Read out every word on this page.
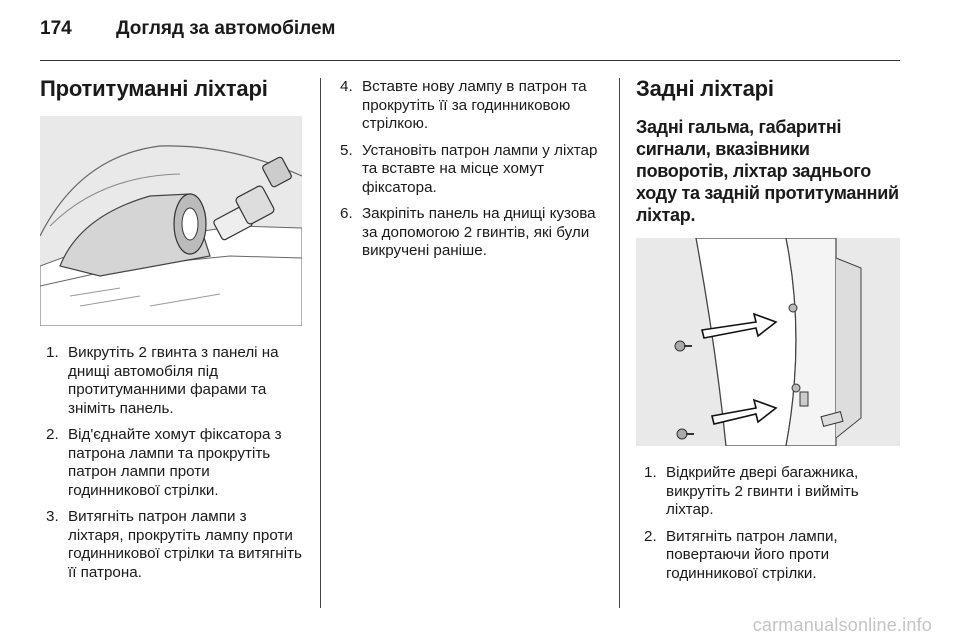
174	Догляд за автомобілем
Протитуманні ліхтарі
1. Викрутіть 2 гвинта з панелі на днищі автомобіля під протитуманними фарами та зніміть панель.
2. Від'єднайте хомут фіксатора з патрона лампи та прокрутіть патрон лампи проти годинникової стрілки.
3. Витягніть патрон лампи з ліхтаря, прокрутіть лампу проти годинникової стрілки та витягніть її патрона.
4. Вставте нову лампу в патрон та прокрутіть її за годинниковою стрілкою.
5. Установіть патрон лампи у ліхтар та вставте на місце хомут фіксатора.
6. Закріпіть панель на днищі кузова за допомогою 2 гвинтів, які були викручені раніше.
Задні ліхтарі
Задні гальма, габаритні сигнали, вказівники поворотів, ліхтар заднього ходу та задній протитуманний ліхтар.
1. Відкрийте двері багажника, викрутіть 2 гвинти і вийміть ліхтар.
2. Витягніть патрон лампи, повертаючи його проти годинникової стрілки.
carmanualsonline.info
